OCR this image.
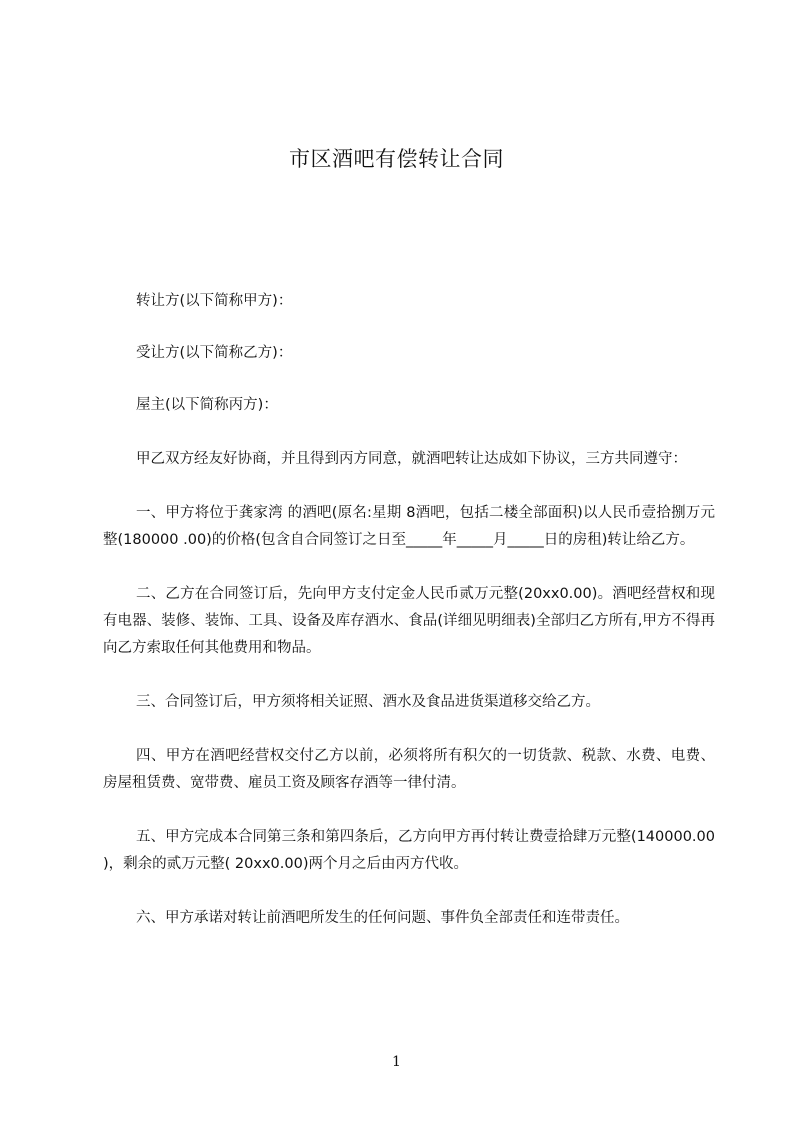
市区酒吧有偿转让合同

转让方(以下简称甲方)：

受让方(以下简称乙方)：

屋主(以下简称丙方)：

甲乙双方经友好协商，并且得到丙方同意，就酒吧转让达成如下协议，三方共同遵守：

一、甲方将位于龚家湾 的酒吧(原名:星期 8酒吧，包括二楼全部面积)以人民币壹拾捌万元整(180000 .00)的价格(包含自合同签订之日至_____年_____月_____日的房租)转让给乙方。

二、乙方在合同签订后，先向甲方支付定金人民币贰万元整(20xx0.00)。酒吧经营权和现有电器、装修、装饰、工具、设备及库存酒水、食品(详细见明细表)全部归乙方所有,甲方不得再向乙方索取任何其他费用和物品。

三、合同签订后，甲方须将相关证照、酒水及食品进货渠道移交给乙方。

四、甲方在酒吧经营权交付乙方以前，必须将所有积欠的一切货款、税款、水费、电费、房屋租赁费、宽带费、雇员工资及顾客存酒等一律付清。

五、甲方完成本合同第三条和第四条后，乙方向甲方再付转让费壹拾肆万元整(140000.00 )，剩余的贰万元整( 20xx0.00)两个月之后由丙方代收。

六、甲方承诺对转让前酒吧所发生的任何问题、事件负全部责任和连带责任。

1
